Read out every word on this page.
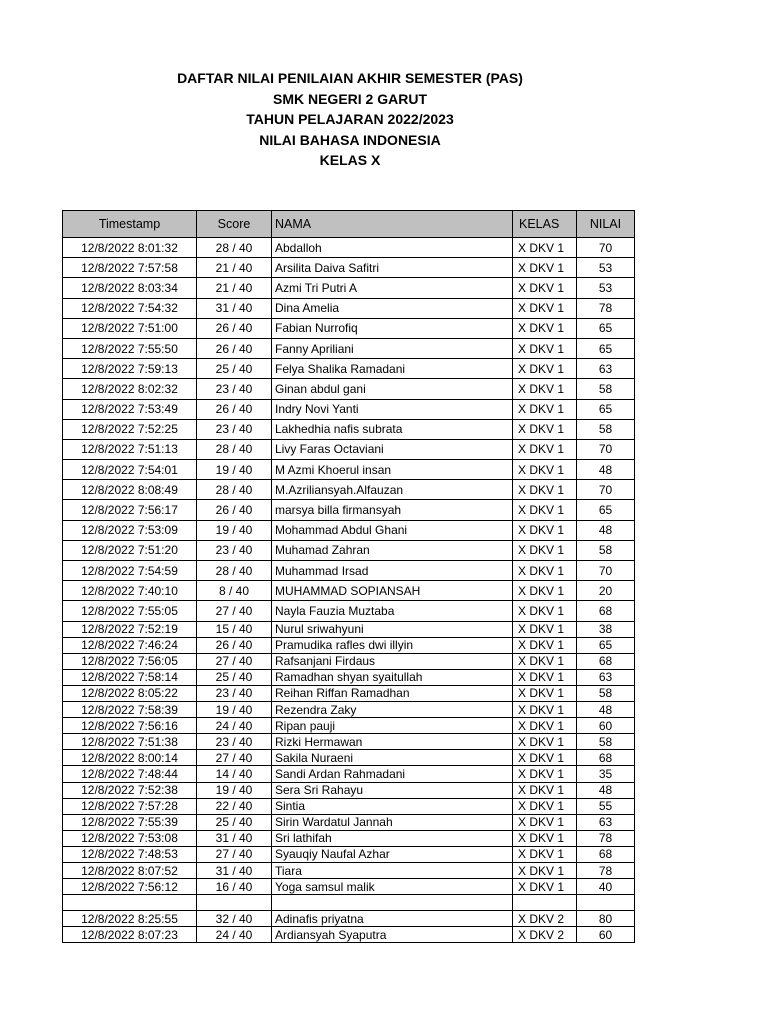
DAFTAR NILAI PENILAIAN AKHIR SEMESTER (PAS)
SMK NEGERI 2 GARUT
TAHUN PELAJARAN 2022/2023
NILAI BAHASA INDONESIA
KELAS X
Timestamp	Score	NAMA	KELAS	NILAI
12/8/2022 8:01:32	28 / 40	Abdalloh	X DKV 1	70
12/8/2022 7:57:58	21 / 40	Arsilita Daiva Safitri	X DKV 1	53
12/8/2022 8:03:34	21 / 40	Azmi Tri Putri A	X DKV 1	53
12/8/2022 7:54:32	31 / 40	Dina Amelia	X DKV 1	78
12/8/2022 7:51:00	26 / 40	Fabian Nurrofiq	X DKV 1	65
12/8/2022 7:55:50	26 / 40	Fanny Apriliani	X DKV 1	65
12/8/2022 7:59:13	25 / 40	Felya Shalika Ramadani	X DKV 1	63
12/8/2022 8:02:32	23 / 40	Ginan abdul gani	X DKV 1	58
12/8/2022 7:53:49	26 / 40	Indry Novi Yanti	X DKV 1	65
12/8/2022 7:52:25	23 / 40	Lakhedhia nafis subrata	X DKV 1	58
12/8/2022 7:51:13	28 / 40	Livy Faras Octaviani	X DKV 1	70
12/8/2022 7:54:01	19 / 40	M Azmi Khoerul insan	X DKV 1	48
12/8/2022 8:08:49	28 / 40	M.Azriliansyah.Alfauzan	X DKV 1	70
12/8/2022 7:56:17	26 / 40	marsya billa firmansyah	X DKV 1	65
12/8/2022 7:53:09	19 / 40	Mohammad Abdul Ghani	X DKV 1	48
12/8/2022 7:51:20	23 / 40	Muhamad Zahran	X DKV 1	58
12/8/2022 7:54:59	28 / 40	Muhammad Irsad	X DKV 1	70
12/8/2022 7:40:10	8 / 40	MUHAMMAD SOPIANSAH	X DKV 1	20
12/8/2022 7:55:05	27 / 40	Nayla Fauzia Muztaba	X DKV 1	68
12/8/2022 7:52:19	15 / 40	Nurul sriwahyuni	X DKV 1	38
12/8/2022 7:46:24	26 / 40	Pramudika rafles dwi illyin	X DKV 1	65
12/8/2022 7:56:05	27 / 40	Rafsanjani Firdaus	X DKV 1	68
12/8/2022 7:58:14	25 / 40	Ramadhan shyan syaitullah	X DKV 1	63
12/8/2022 8:05:22	23 / 40	Reihan Riffan Ramadhan	X DKV 1	58
12/8/2022 7:58:39	19 / 40	Rezendra Zaky	X DKV 1	48
12/8/2022 7:56:16	24 / 40	Ripan pauji	X DKV 1	60
12/8/2022 7:51:38	23 / 40	Rizki Hermawan	X DKV 1	58
12/8/2022 8:00:14	27 / 40	Sakila Nuraeni	X DKV 1	68
12/8/2022 7:48:44	14 / 40	Sandi Ardan Rahmadani	X DKV 1	35
12/8/2022 7:52:38	19 / 40	Sera Sri Rahayu	X DKV 1	48
12/8/2022 7:57:28	22 / 40	Sintia	X DKV 1	55
12/8/2022 7:55:39	25 / 40	Sirin Wardatul Jannah	X DKV 1	63
12/8/2022 7:53:08	31 / 40	Sri lathifah	X DKV 1	78
12/8/2022 7:48:53	27 / 40	Syauqiy Naufal Azhar	X DKV 1	68
12/8/2022 8:07:52	31 / 40	Tiara	X DKV 1	78
12/8/2022 7:56:12	16 / 40	Yoga samsul malik	X DKV 1	40

12/8/2022 8:25:55	32 / 40	Adinafis priyatna	X DKV 2	80
12/8/2022 8:07:23	24 / 40	Ardiansyah Syaputra	X DKV 2	60
